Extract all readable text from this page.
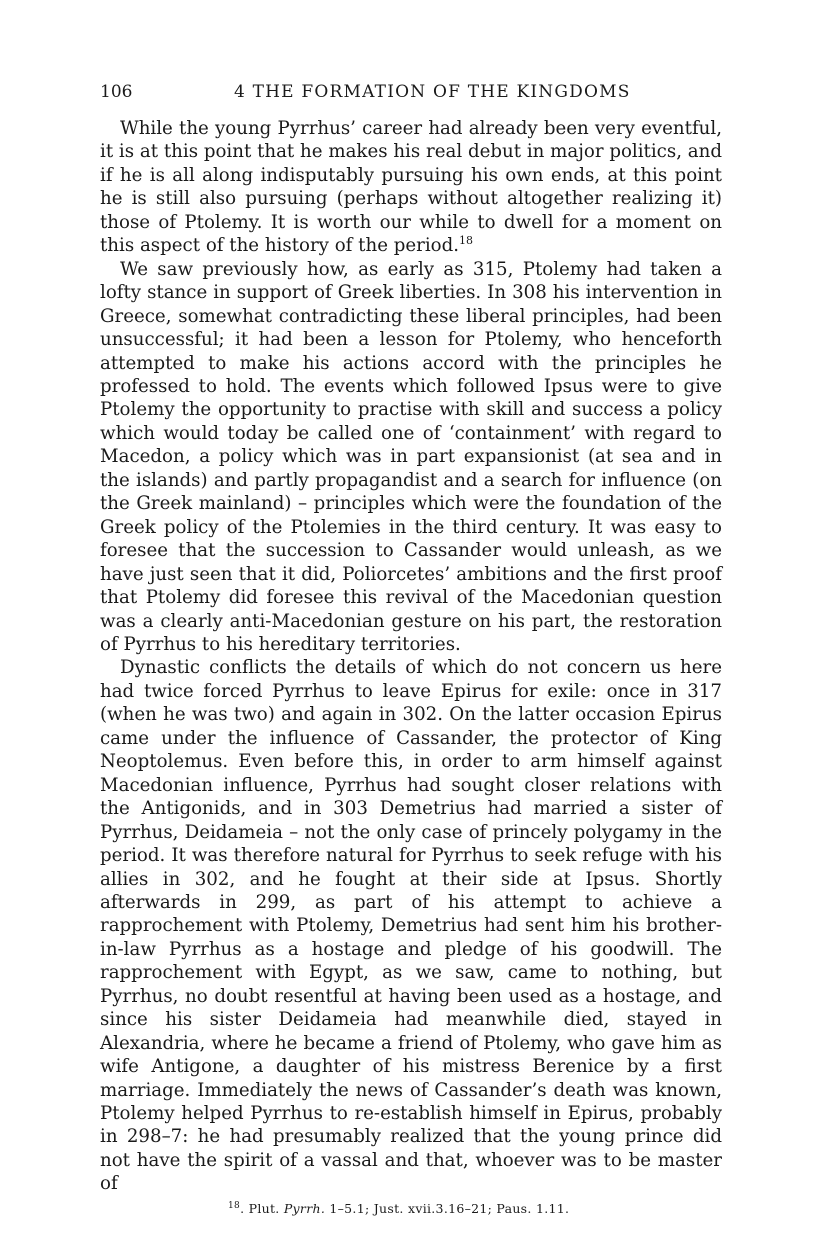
106	4 THE FORMATION OF THE KINGDOMS

While the young Pyrrhus’ career had already been very eventful, it is at this point that he makes his real debut in major politics, and if he is all along indisputably pursuing his own ends, at this point he is still also pursuing (perhaps without altogether realizing it) those of Ptolemy. It is worth our while to dwell for a moment on this aspect of the history of the period.$^{18}$

We saw previously how, as early as 315, Ptolemy had taken a lofty stance in support of Greek liberties. In 308 his intervention in Greece, somewhat contradicting these liberal principles, had been unsuccessful; it had been a lesson for Ptolemy, who henceforth attempted to make his actions accord with the principles he professed to hold. The events which followed Ipsus were to give Ptolemy the opportunity to practise with skill and success a policy which would today be called one of ‘containment’ with regard to Macedon, a policy which was in part expansionist (at sea and in the islands) and partly propagandist and a search for influence (on the Greek mainland) – principles which were the foundation of the Greek policy of the Ptolemies in the third century. It was easy to foresee that the succession to Cassander would unleash, as we have just seen that it did, Poliorcetes’ ambitions and the first proof that Ptolemy did foresee this revival of the Macedonian question was a clearly anti-Macedonian gesture on his part, the restoration of Pyrrhus to his hereditary territories.

Dynastic conflicts the details of which do not concern us here had twice forced Pyrrhus to leave Epirus for exile: once in 317 (when he was two) and again in 302. On the latter occasion Epirus came under the influence of Cassander, the protector of King Neoptolemus. Even before this, in order to arm himself against Macedonian influence, Pyrrhus had sought closer relations with the Antigonids, and in 303 Demetrius had married a sister of Pyrrhus, Deidameia – not the only case of princely polygamy in the period. It was therefore natural for Pyrrhus to seek refuge with his allies in 302, and he fought at their side at Ipsus. Shortly afterwards in 299, as part of his attempt to achieve a rapprochement with Ptolemy, Demetrius had sent him his brother-in-law Pyrrhus as a hostage and pledge of his goodwill. The rapprochement with Egypt, as we saw, came to nothing, but Pyrrhus, no doubt resentful at having been used as a hostage, and since his sister Deidameia had meanwhile died, stayed in Alexandria, where he became a friend of Ptolemy, who gave him as wife Antigone, a daughter of his mistress Berenice by a first marriage. Immediately the news of Cassander’s death was known, Ptolemy helped Pyrrhus to re-establish himself in Epirus, probably in 298–7: he had presumably realized that the young prince did not have the spirit of a vassal and that, whoever was to be master of

$^{18}$. Plut. Pyrrh. 1–5.1; Just. xvii.3.16–21; Paus. 1.11.
